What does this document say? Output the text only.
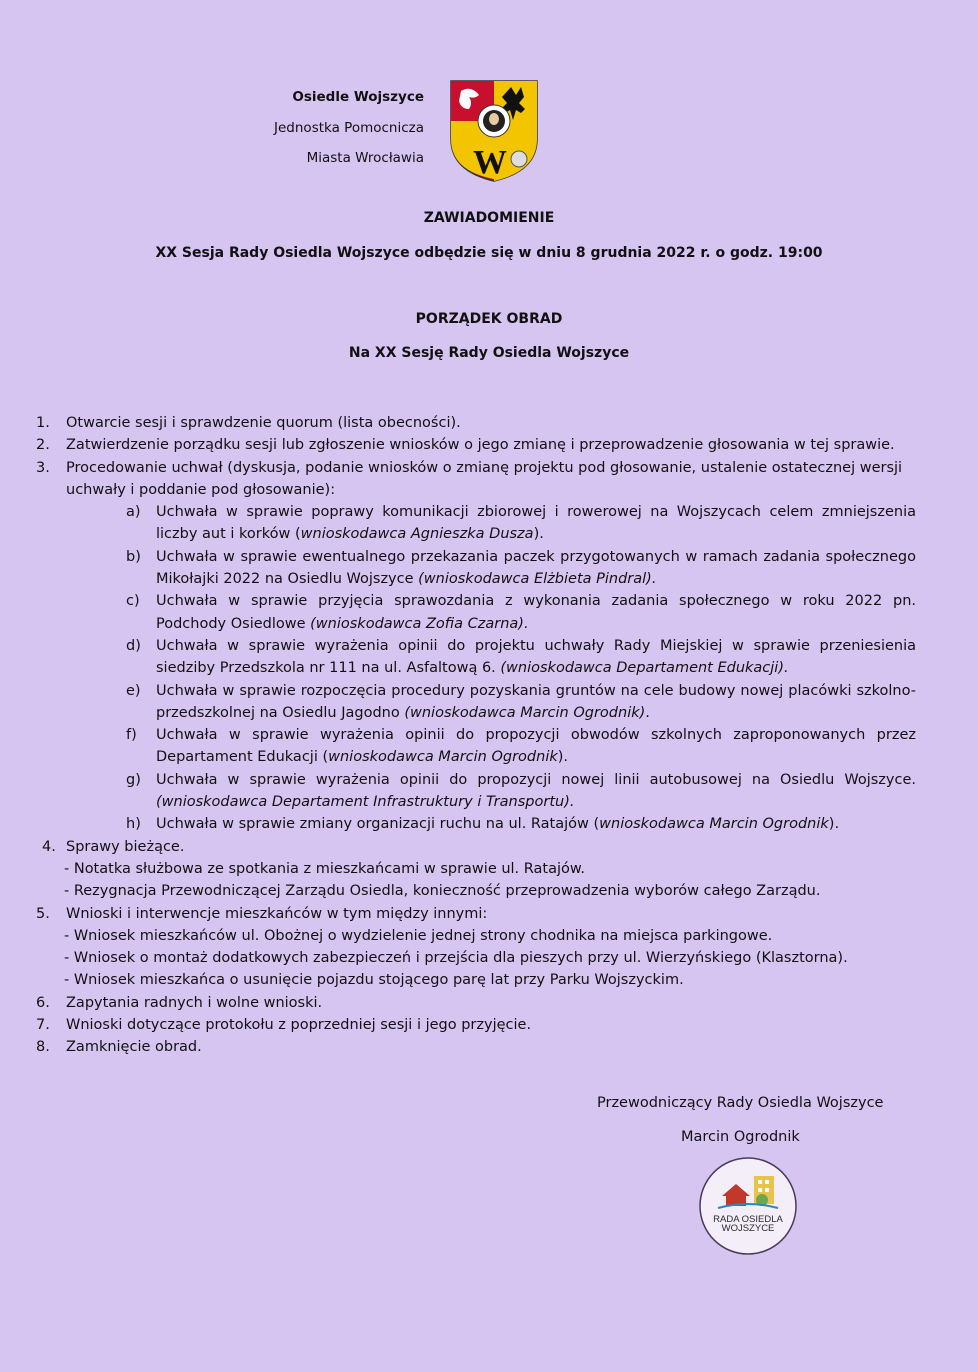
Osiedle Wojszyce
Jednostka Pomocnicza
Miasta Wrocławia W
ZAWIADOMIENIE
XX Sesja Rady Osiedla Wojszyce odbędzie się w dniu 8 grudnia 2022 r. o godz. 19:00
PORZĄDEK OBRAD
Na XX Sesję Rady Osiedla Wojszyce
1. Otwarcie sesji i sprawdzenie quorum (lista obecności).
2. Zatwierdzenie porządku sesji lub zgłoszenie wniosków o jego zmianę i przeprowadzenie głosowania w tej sprawie.
3. Procedowanie uchwał (dyskusja, podanie wniosków o zmianę projektu pod głosowanie, ustalenie ostatecznej wersji uchwały i poddanie pod głosowanie):
a) Uchwała w sprawie poprawy komunikacji zbiorowej i rowerowej na Wojszycach celem zmniejszenia liczby aut i korków (wnioskodawca Agnieszka Dusza).
b) Uchwała w sprawie ewentualnego przekazania paczek przygotowanych w ramach zadania społecznego Mikołajki 2022 na Osiedlu Wojszyce (wnioskodawca Elżbieta Pindral).
c) Uchwała w sprawie przyjęcia sprawozdania z wykonania zadania społecznego w roku 2022 pn. Podchody Osiedlowe (wnioskodawca Zofia Czarna).
d) Uchwała w sprawie wyrażenia opinii do projektu uchwały Rady Miejskiej w sprawie przeniesienia siedziby Przedszkola nr 111 na ul. Asfaltową 6. (wnioskodawca Departament Edukacji).
e) Uchwała w sprawie rozpoczęcia procedury pozyskania gruntów na cele budowy nowej placówki szkolno-przedszkolnej na Osiedlu Jagodno (wnioskodawca Marcin Ogrodnik).
f) Uchwała w sprawie wyrażenia opinii do propozycji obwodów szkolnych zaproponowanych przez Departament Edukacji (wnioskodawca Marcin Ogrodnik).
g) Uchwała w sprawie wyrażenia opinii do propozycji nowej linii autobusowej na Osiedlu Wojszyce. (wnioskodawca Departament Infrastruktury i Transportu).
h) Uchwała w sprawie zmiany organizacji ruchu na ul. Ratajów (wnioskodawca Marcin Ogrodnik).
4. Sprawy bieżące.
- Notatka służbowa ze spotkania z mieszkańcami w sprawie ul. Ratajów.
- Rezygnacja Przewodniczącej Zarządu Osiedla, konieczność przeprowadzenia wyborów całego Zarządu.
5. Wnioski i interwencje mieszkańców w tym między innymi:
- Wniosek mieszkańców ul. Obożnej o wydzielenie jednej strony chodnika na miejsca parkingowe.
- Wniosek o montaż dodatkowych zabezpieczeń i przejścia dla pieszych przy ul. Wierzyńskiego (Klasztorna).
- Wniosek mieszkańca o usunięcie pojazdu stojącego parę lat przy Parku Wojszyckim.
6. Zapytania radnych i wolne wnioski.
7. Wnioski dotyczące protokołu z poprzedniej sesji i jego przyjęcie.
8. Zamknięcie obrad.
Przewodniczący Rady Osiedla Wojszyce
Marcin Ogrodnik
RADA OSIEDLA
WOJSZYCE
